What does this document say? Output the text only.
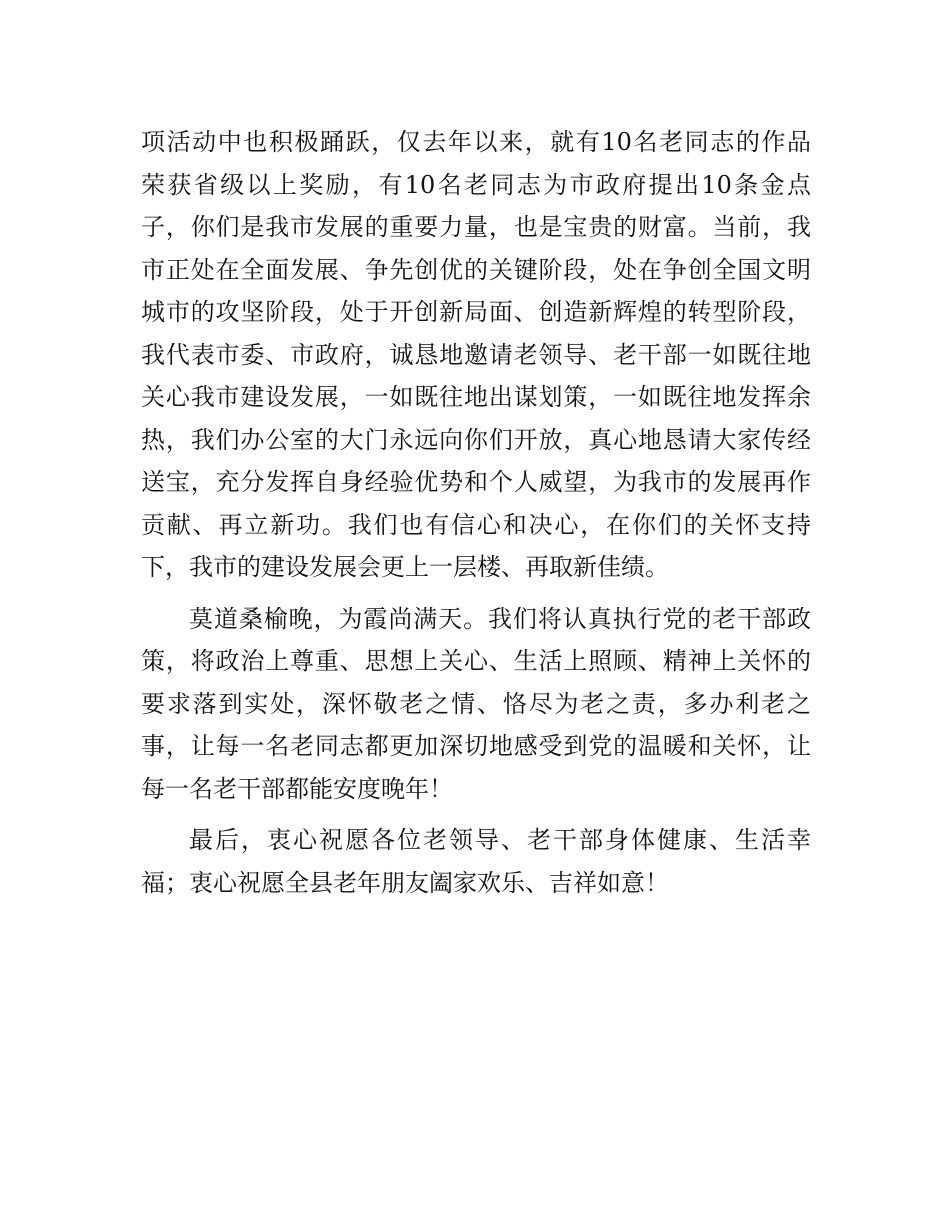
项活动中也积极踊跃，仅去年以来，就有10名老同志的作品
荣获省级以上奖励，有10名老同志为市政府提出10条金点
子，你们是我市发展的重要力量，也是宝贵的财富。当前，我
市正处在全面发展、争先创优的关键阶段，处在争创全国文明
城市的攻坚阶段，处于开创新局面、创造新辉煌的转型阶段，
我代表市委、市政府，诚恳地邀请老领导、老干部一如既往地
关心我市建设发展，一如既往地出谋划策，一如既往地发挥余
热，我们办公室的大门永远向你们开放，真心地恳请大家传经
送宝，充分发挥自身经验优势和个人威望，为我市的发展再作
贡献、再立新功。我们也有信心和决心，在你们的关怀支持
下，我市的建设发展会更上一层楼、再取新佳绩。
莫道桑榆晚，为霞尚满天。我们将认真执行党的老干部政
策，将政治上尊重、思想上关心、生活上照顾、精神上关怀的
要求落到实处，深怀敬老之情、恪尽为老之责，多办利老之
事，让每一名老同志都更加深切地感受到党的温暖和关怀，让
每一名老干部都能安度晚年！
最后，衷心祝愿各位老领导、老干部身体健康、生活幸
福；衷心祝愿全县老年朋友阖家欢乐、吉祥如意！
